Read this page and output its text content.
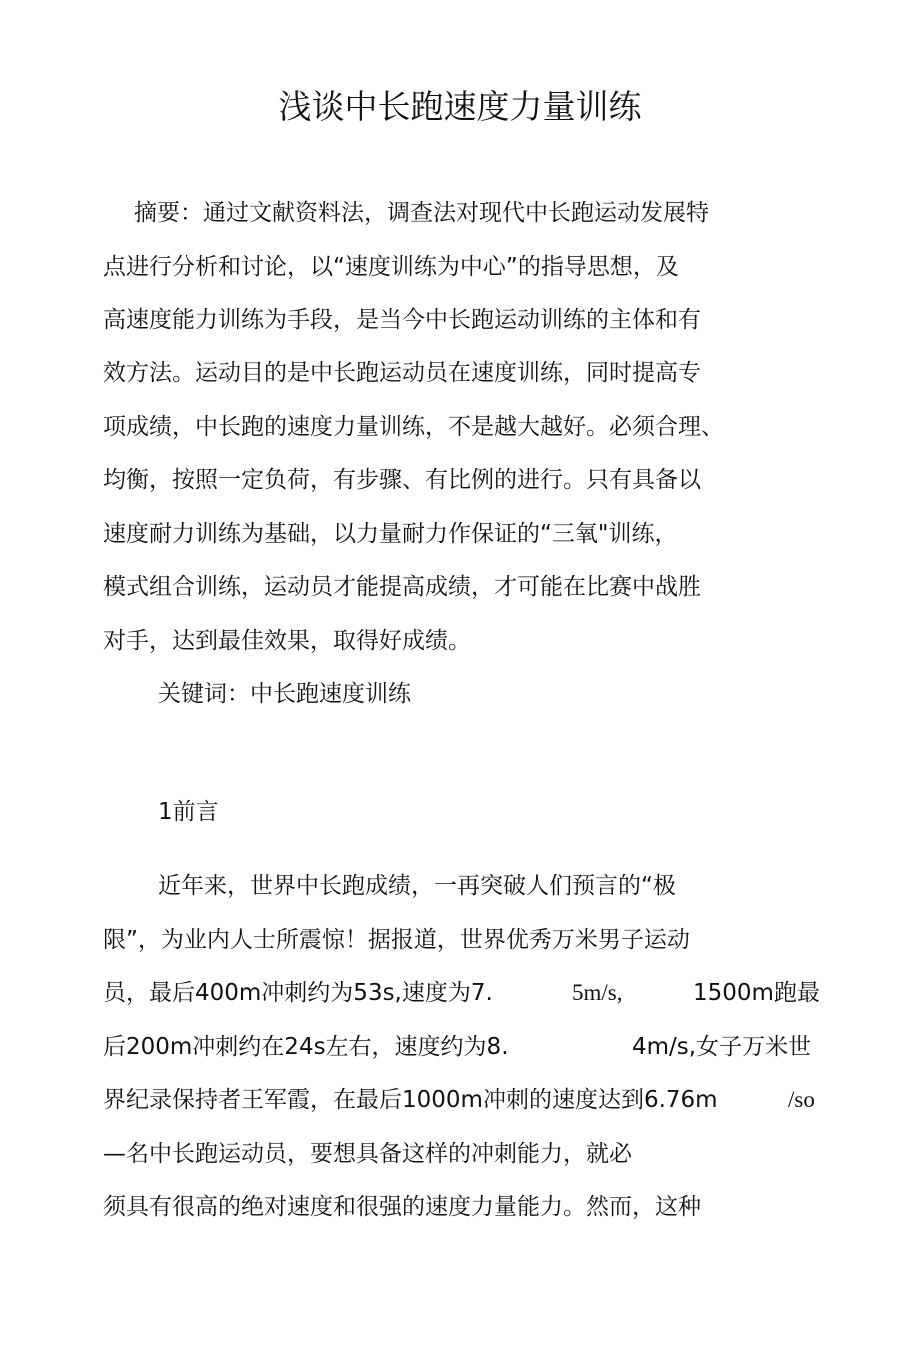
浅谈中长跑速度力量训练
摘要：通过文献资料法，调查法对现代中长跑运动发展特
点进行分析和讨论，以“速度训练为中心”的指导思想，及
高速度能力训练为手段，是当今中长跑运动训练的主体和有
效方法。运动目的是中长跑运动员在速度训练，同时提高专
项成绩，中长跑的速度力量训练，不是越大越好。必须合理、
均衡，按照一定负荷，有步骤、有比例的进行。只有具备以
速度耐力训练为基础，以力量耐力作保证的“三氧"训练，
模式组合训练，运动员才能提高成绩，才可能在比赛中战胜
对手，达到最佳效果，取得好成绩。
关键词：中长跑速度训练
1前言
近年来，世界中长跑成绩，一再突破人们预言的“极
限”，为业内人士所震惊！据报道，世界优秀万米男子运动
员，最后400m冲刺约为53s,速度为7.	5m/s,	1500m跑最
后200m冲刺约在24s左右，速度约为8.	4m/s,女子万米世
界纪录保持者王军霞，在最后1000m冲刺的速度达到6.76m	/so
—名中长跑运动员，要想具备这样的冲刺能力，就必
须具有很高的绝对速度和很强的速度力量能力。然而，这种
